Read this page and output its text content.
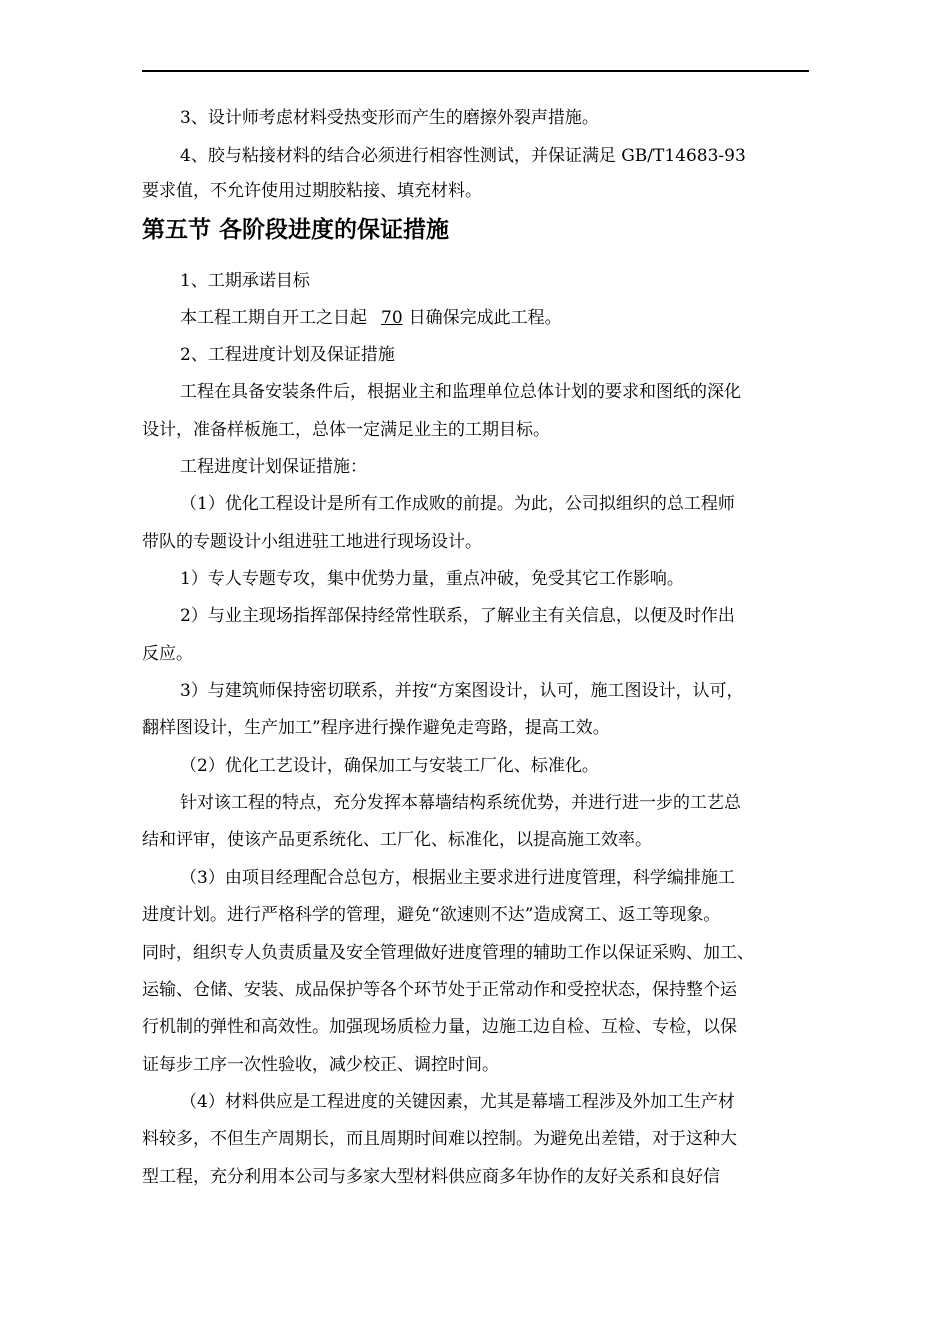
3、设计师考虑材料受热变形而产生的磨擦外裂声措施。
4、胶与粘接材料的结合必须进行相容性测试，并保证满足 GB/T14683-93
要求值，不允许使用过期胶粘接、填充材料。
第五节 各阶段进度的保证措施
1、工期承诺目标
本工程工期自开工之日起 70 日确保完成此工程。
2、工程进度计划及保证措施
工程在具备安装条件后，根据业主和监理单位总体计划的要求和图纸的深化
设计，准备样板施工，总体一定满足业主的工期目标。
工程进度计划保证措施：
（1）优化工程设计是所有工作成败的前提。为此，公司拟组织的总工程师
带队的专题设计小组进驻工地进行现场设计。
1）专人专题专攻，集中优势力量，重点冲破，免受其它工作影响。
2）与业主现场指挥部保持经常性联系，了解业主有关信息，以便及时作出
反应。
3）与建筑师保持密切联系，并按“方案图设计，认可，施工图设计，认可，
翻样图设计，生产加工”程序进行操作避免走弯路，提高工效。
（2）优化工艺设计，确保加工与安装工厂化、标准化。
针对该工程的特点，充分发挥本幕墙结构系统优势，并进行进一步的工艺总
结和评审，使该产品更系统化、工厂化、标准化，以提高施工效率。
（3）由项目经理配合总包方，根据业主要求进行进度管理，科学编排施工
进度计划。进行严格科学的管理，避免“欲速则不达”造成窝工、返工等现象。
同时，组织专人负责质量及安全管理做好进度管理的辅助工作以保证采购、加工、
运输、仓储、安装、成品保护等各个环节处于正常动作和受控状态，保持整个运
行机制的弹性和高效性。加强现场质检力量，边施工边自检、互检、专检，以保
证每步工序一次性验收，减少校正、调控时间。
（4）材料供应是工程进度的关键因素，尤其是幕墙工程涉及外加工生产材
料较多，不但生产周期长，而且周期时间难以控制。为避免出差错，对于这种大
型工程，充分利用本公司与多家大型材料供应商多年协作的友好关系和良好信
